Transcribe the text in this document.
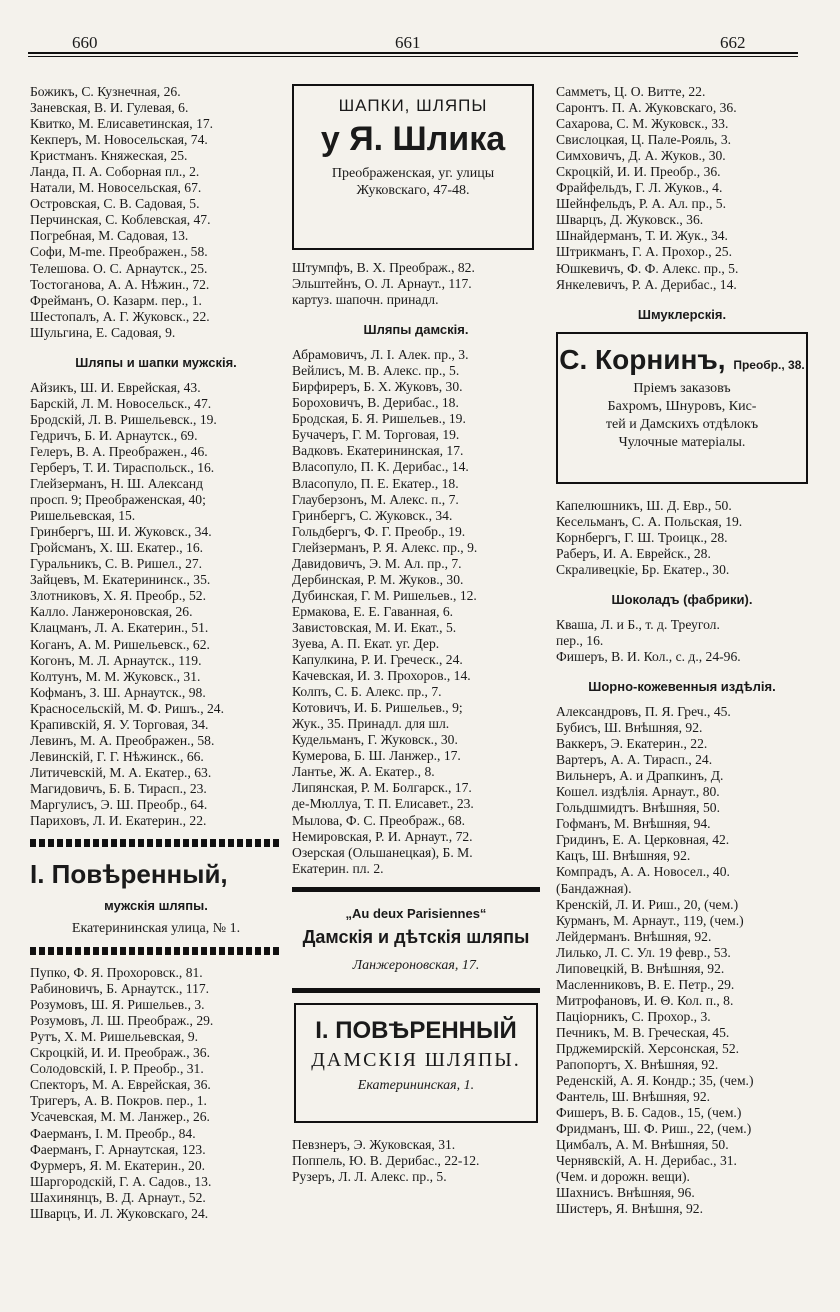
660	661	662
Божикъ, С. Кузнечная, 26.
Заневская, В. И. Гулевая, 6.
Квитко, М. Елисаветинская, 17.
Кекперъ, М. Новосельская, 74.
Кристманъ. Княжеская, 25.
Ланда, П. А. Соборная пл., 2.
Натали, М. Новосельская, 67.
Островская, С. В. Садовая, 5.
Перчинская, С. Коблевская, 47.
Погребная, М. Садовая, 13.
Софи, M-me. Преображен., 58.
Телешова. О. С. Арнаутск., 25.
Тостоганова, А. А. Нѣжин., 72.
Фрейманъ, О. Казарм. пер., 1.
Шестопалъ, А. Г. Жуковск., 22.
Шульгина, Е. Садовая, 9.
Шляпы и шапки мужскія.
Айзикъ, Ш. И. Еврейская, 43.
Барскій, Л. М. Новосельск., 47.
Бродскій, Л. В. Ришельевск., 19.
Гедричъ, Б. И. Арнаутск., 69.
Гелеръ, В. А. Преображен., 46.
Герберъ, Т. И. Тираспольск., 16.
Глейзерманъ, Н. Ш. Александ
просп. 9; Преображенская, 40;
Ришельевская, 15.
Гринбергъ, Ш. И. Жуковск., 34.
Гройсманъ, Х. Ш. Екатер., 16.
Гуральникъ, С. В. Ришел., 27.
Зайцевъ, М. Екатерининск., 35.
Злотниковъ, Х. Я. Преобр., 52.
Калло. Ланжероновская, 26.
Клацманъ, Л. А. Екатерин., 51.
Коганъ, А. М. Ришельевск., 62.
Когонъ, М. Л. Арнаутск., 119.
Колтунъ, М. М. Жуковск., 31.
Кофманъ, З. Ш. Арнаутск., 98.
Красносельскій, М. Ф. Ришъ., 24.
Крапивскій, Я. У. Торговая, 34.
Левинъ, М. А. Преображен., 58.
Левинскій, Г. Г. Нѣжинск., 66.
Литичевскій, М. А. Екатер., 63.
Магидовичъ, Б. Б. Тирасп., 23.
Маргулисъ, Э. Ш. Преобр., 64.
Париховъ, Л. И. Екатерин., 22.
I. Повѣренный,
мужскія шляпы.
Екатерининская улица, № 1.
Пупко, Ф. Я. Прохоровск., 81.
Рабиновичъ, Б. Арнаутск., 117.
Розумовъ, Ш. Я. Ришельев., 3.
Розумовъ, Л. Ш. Преображ., 29.
Рутъ, Х. М. Ришельевская, 9.
Скроцкій, И. И. Преображ., 36.
Солодовскій, I. Р. Преобр., 31.
Спекторъ, М. А. Еврейская, 36.
Тригеръ, А. В. Покров. пер., 1.
Усачевская, М. М. Ланжер., 26.
Фаерманъ, I. М. Преобр., 84.
Фаерманъ, Г. Арнаутская, 123.
Фурмеръ, Я. М. Екатерин., 20.
Шаргородскій, Г. А. Садов., 13.
Шахинянцъ, В. Д. Арнаут., 52.
Шварцъ, И. Л. Жуковскаго, 24.
ШАПКИ, ШЛЯПЫ
у Я. Шлика
Преображенская, уг. улицы Жуковскаго, 47-48.
Штумпфъ, В. Х. Преображ., 82.
Эльштейнъ, О. Л. Арнаут., 117.
картуз. шапочн. принадл.
Шляпы дамскія.
Абрамовичъ, Л. I. Алек. пр., 3.
Вейлисъ, М. В. Алекс. пр., 5.
Бирфиреръ, Б. Х. Жуковъ, 30.
Бороховичъ, В. Дерибас., 18.
Бродская, Б. Я. Ришельев., 19.
Бучачеръ, Г. М. Торговая, 19.
Вадковъ. Екатерининская, 17.
Власопуло, П. К. Дерибас., 14.
Власопуло, П. Е. Екатер., 18.
Глауберзонъ, М. Алекс. п., 7.
Гринбергъ, С. Жуковск., 34.
Гольдбергъ, Ф. Г. Преобр., 19.
Глейзерманъ, Р. Я. Алекс. пр., 9.
Давидовичъ, Э. М. Ал. пр., 7.
Дербинская, Р. М. Жуков., 30.
Дубинская, Г. М. Ришельев., 12.
Ермакова, Е. Е. Гаванная, 6.
Завистовская, М. И. Екат., 5.
Зуева, А. П. Екат. уг. Дер.
Капулкина, Р. И. Греческ., 24.
Качевская, И. З. Прохоров., 14.
Колпъ, С. Б. Алекс. пр., 7.
Котовичъ, И. Б. Ришельев., 9;
Жук., 35. Принадл. для шл.
Кудельманъ, Г. Жуковск., 30.
Кумерова, Б. Ш. Ланжер., 17.
Лантье, Ж. А. Екатер., 8.
Липянская, Р. М. Болгарск., 17.
де-Мюллуа, Т. П. Елисавет., 23.
Мылова, Ф. С. Преображ., 68.
Немировская, Р. И. Арнаут., 72.
Озерская (Ольшанецкая), Б. М.
Екатерин. пл. 2.
„Au deux Parisiennes“
Дамскія и дѣтскія шляпы
Ланжероновская, 17.
I. ПОВѢРЕННЫЙ
ДАМСКІЯ ШЛЯПЫ.
Екатерининская, 1.
Певзнеръ, Э. Жуковская, 31.
Поппель, Ю. В. Дерибас., 22-12.
Рузеръ, Л. Л. Алекс. пр., 5.
Самметъ, Ц. О. Витте, 22.
Саронтъ. П. А. Жуковскаго, 36.
Сахарова, С. М. Жуковск., 33.
Свислоцкая, Ц. Пале-Рояль, 3.
Симховичъ, Д. А. Жуков., 30.
Скроцкій, И. И. Преобр., 36.
Фрайфельдъ, Г. Л. Жуков., 4.
Шейнфельдъ, Р. А. Ал. пр., 5.
Шварцъ, Д. Жуковск., 36.
Шнайдерманъ, Т. И. Жук., 34.
Штрикманъ, Г. А. Прохор., 25.
Юшкевичъ, Ф. Ф. Алекс. пр., 5.
Янкелевичъ, Р. А. Дерибас., 14.
Шмуклерскія.
С. Корнинъ, Преобр., 38.
Пріемъ заказовъ
Бахромъ, Шнуровъ, Кис-
тей и Дамскихъ отдѣлокъ
Чулочные матеріалы.
Капелюшникъ, Ш. Д. Евр., 50.
Кесельманъ, С. А. Польская, 19.
Корнбергъ, Г. Ш. Троицк., 28.
Раберъ, И. А. Еврейск., 28.
Скраливецкіе, Бр. Екатер., 30.
Шоколадъ (фабрики).
Кваша, Л. и Б., т. д. Треугол.
пер., 16.
Фишеръ, В. И. Кол., с. д., 24-96.
Шорно-кожевенныя издѣлія.
Александровъ, П. Я. Греч., 45.
Бубисъ, Ш. Внѣшняя, 92.
Ваккеръ, Э. Екатерин., 22.
Вартеръ, А. А. Тирасп., 24.
Вильнеръ, А. и Драпкинъ, Д.
Кошел. издѣлія. Арнаут., 80.
Гольдшмидтъ. Внѣшняя, 50.
Гофманъ, М. Внѣшняя, 94.
Гридинъ, Е. А. Церковная, 42.
Кацъ, Ш. Внѣшняя, 92.
Компрадъ, А. А. Новосел., 40.
(Бандажная).
Кренскій, Л. И. Риш., 20, (чем.)
Курманъ, М. Арнаут., 119, (чем.)
Лейдерманъ. Внѣшняя, 92.
Лилько, Л. С. Ул. 19 февр., 53.
Липовецкій, В. Внѣшняя, 92.
Масленниковъ, В. Е. Петр., 29.
Митрофановъ, И. Θ. Кол. п., 8.
Паціорникъ, С. Прохор., 3.
Печникъ, М. В. Греческая, 45.
Прджемирскій. Херсонская, 52.
Рапопортъ, Х. Внѣшняя, 92.
Реденскій, А. Я. Кондр.; 35, (чем.)
Фантель, Ш. Внѣшняя, 92.
Фишеръ, В. Б. Садов., 15, (чем.)
Фридманъ, Ш. Ф. Риш., 22, (чем.)
Цимбалъ, А. М. Внѣшняя, 50.
Чернявскій, А. Н. Дерибас., 31.
(Чем. и дорожн. вещи).
Шахнисъ. Внѣшняя, 96.
Шистеръ, Я. Внѣшня, 92.
